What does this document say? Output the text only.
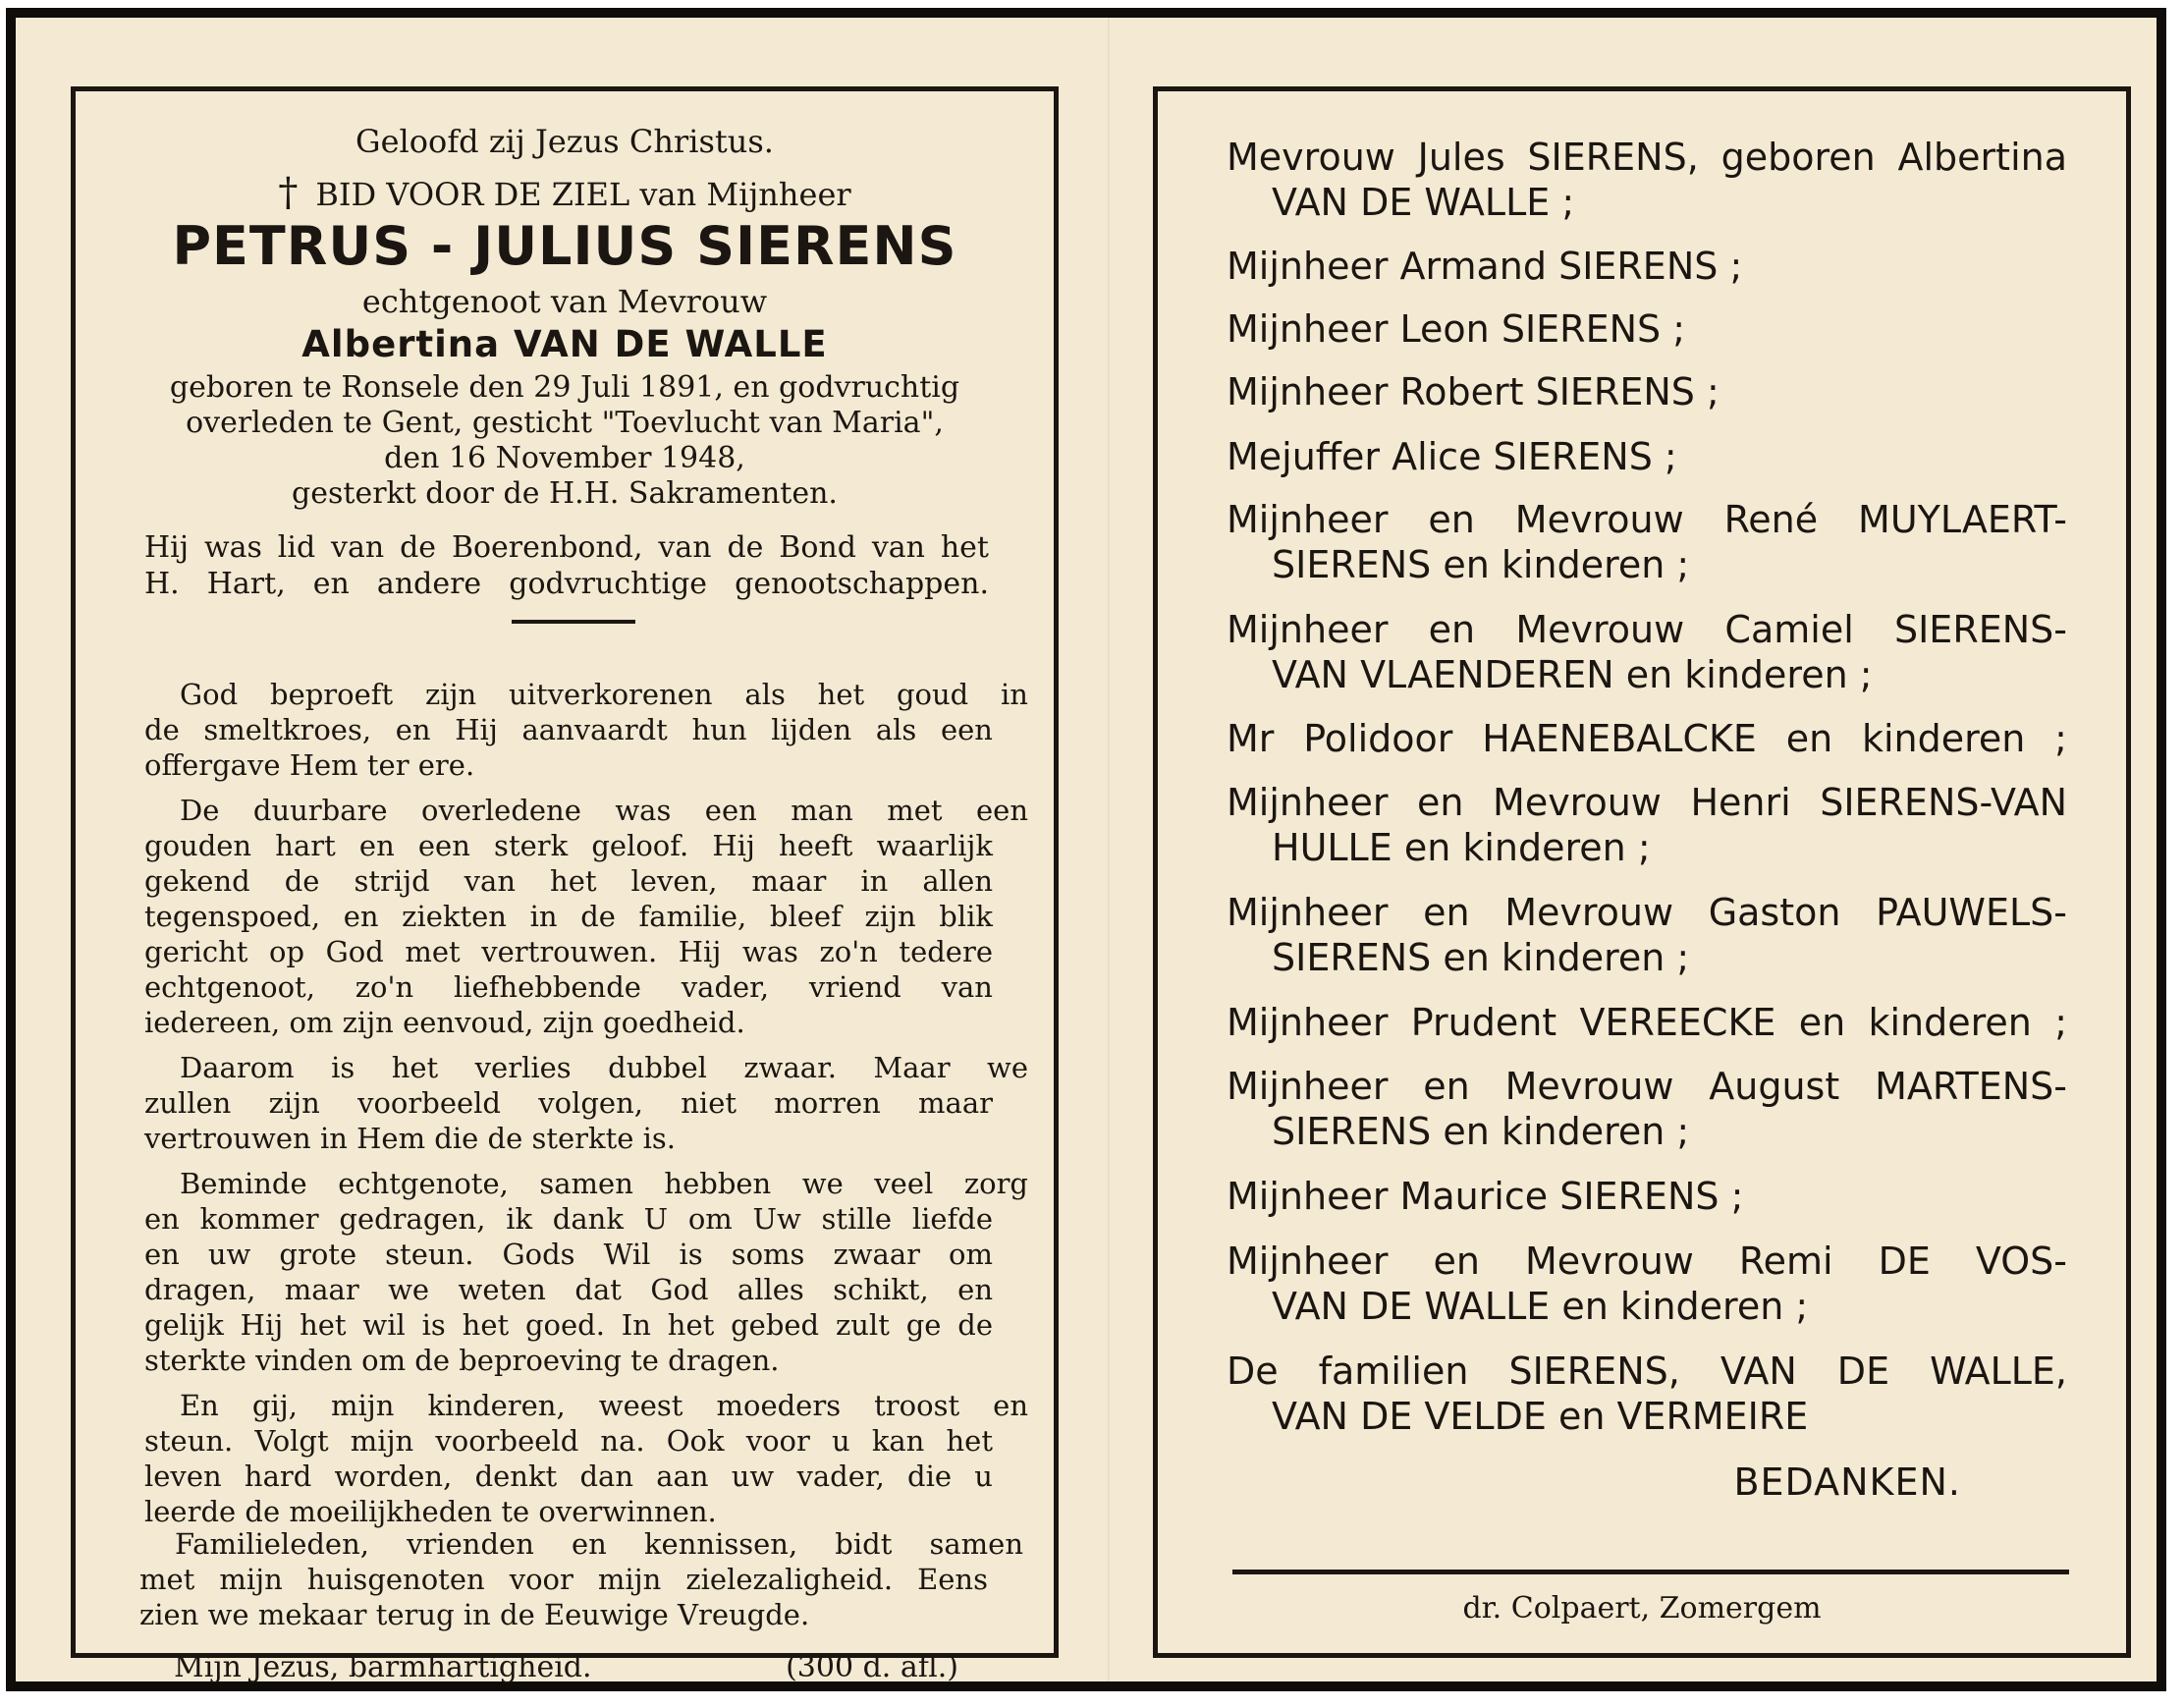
Geloofd zij Jezus Christus.
† BID VOOR DE ZIEL van Mijnheer
PETRUS - JULIUS SIERENS
echtgenoot van Mevrouw
Albertina VAN DE WALLE
geboren te Ronsele den 29 Juli 1891, en godvruchtig
overleden te Gent, gesticht "Toevlucht van Maria",
den 16 November 1948,
gesterkt door de H.H. Sakramenten.
Hij was lid van de Boerenbond, van de Bond van het
H. Hart, en andere godvruchtige genootschappen.
God beproeft zijn uitverkorenen als het goud in
de smeltkroes, en Hij aanvaardt hun lijden als een
offergave Hem ter ere.
De duurbare overledene was een man met een
gouden hart en een sterk geloof. Hij heeft waarlijk
gekend de strijd van het leven, maar in allen
tegenspoed, en ziekten in de familie, bleef zijn blik
gericht op God met vertrouwen. Hij was zo'n tedere
echtgenoot, zo'n liefhebbende vader, vriend van
iedereen, om zijn eenvoud, zijn goedheid.
Daarom is het verlies dubbel zwaar. Maar we
zullen zijn voorbeeld volgen, niet morren maar
vertrouwen in Hem die de sterkte is.
Beminde echtgenote, samen hebben we veel zorg
en kommer gedragen, ik dank U om Uw stille liefde
en uw grote steun. Gods Wil is soms zwaar om
dragen, maar we weten dat God alles schikt, en
gelijk Hij het wil is het goed. In het gebed zult ge de
sterkte vinden om de beproeving te dragen.
En gij, mijn kinderen, weest moeders troost en
steun. Volgt mijn voorbeeld na. Ook voor u kan het
leven hard worden, denkt dan aan uw vader, die u
leerde de moeilijkheden te overwinnen.
Mevrouw Jules SIERENS, geboren Albertina
VAN DE WALLE ;
Mijnheer Armand SIERENS ;
Mijnheer Leon SIERENS ;
Mijnheer Robert SIERENS ;
Mejuffer Alice SIERENS ;
Mijnheer en Mevrouw René MUYLAERT-
SIERENS en kinderen ;
Mijnheer en Mevrouw Camiel SIERENS-
VAN VLAENDEREN en kinderen ;
Mr Polidoor HAENEBALCKE en kinderen ;
Mijnheer en Mevrouw Henri SIERENS-VAN
HULLE en kinderen ;
Mijnheer en Mevrouw Gaston PAUWELS-
SIERENS en kinderen ;
Mijnheer Prudent VEREECKE en kinderen ;
Mijnheer en Mevrouw August MARTENS-
SIERENS en kinderen ;
Mijnheer Maurice SIERENS ;
Mijnheer en Mevrouw Remi DE VOS-
VAN DE WALLE en kinderen ;
De familien SIERENS, VAN DE WALLE,
VAN DE VELDE en VERMEIRE
BEDANKEN.
dr. Colpaert, Zomergem
Familieleden, vrienden en kennissen, bidt samen
met mijn huisgenoten voor mijn zielezaligheid. Eens
zien we mekaar terug in de Eeuwige Vreugde.
Mijn Jezus, barmhartigheid.	(300 d. afl.)
